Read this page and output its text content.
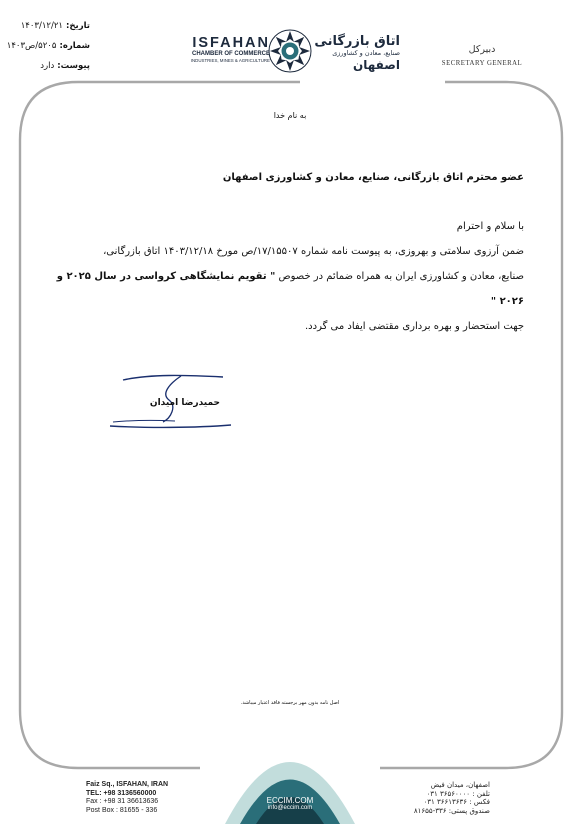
تاریخ:
۱۴۰۳/۱۲/۲۱
شماره:
۵۲۰۵/ص۱۴۰۳
پیوست:
دارد
ISFAHAN
CHAMBER OF COMMERCE
INDUSTRIES, MINES & AGRICULTURE
اتاق بازرگانی
صنایع، معادن و کشاورزی
اصفهان
دبیرکل
SECRETARY GENERAL
به نام خدا
عضو محترم اتاق بازرگانی، صنایع، معادن و کشاورزی اصفهان
با سلام و احترام
ضمن آرزوی سلامتی و بهروزی، به پیوست نامه شماره ۱۷/۱۵۵۰۷/ص مورخ ۱۴۰۳/۱۲/۱۸ اتاق بازرگانی،
صنایع، معادن و کشاورزی ایران به همراه ضمائم در خصوص " تقویم نمایشگاهی کرواسی در سال ۲۰۲۵ و ۲۰۲۶ "
جهت استحضار و بهره برداری مقتضی ایفاد می گردد.
حمیدرضا امیدان
اصل نامه بدون مهر برجسته فاقد اعتبار میباشد.
Faiz Sq., ISFAHAN, IRAN
TEL: +98 3136560000
Fax : +98 31 36613636
Post Box : 81655 - 336
ECCIM.COM
info@eccim.com
اصفهان، میدان فیض
تلفن : ۳۶۵۶۰۰۰۰ ۰۳۱
فکس : ۳۶۶۱۳۶۳۶ ۰۳۱
صندوق پستی: ۳۳۶-۸۱۶۵۵
